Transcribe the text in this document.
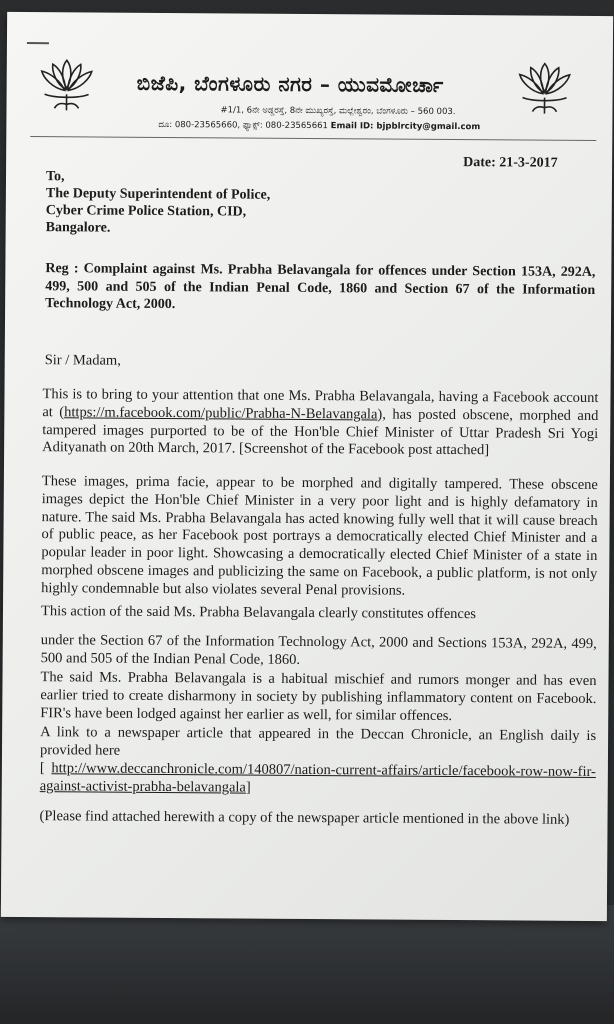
ಬಿಜೆಪಿ, ಬೆಂಗಳೂರು ನಗರ – ಯುವಮೋರ್ಚಾ
#1/1, 6ನೇ ಅಡ್ಡರಸ್ತೆ, 8ನೇ ಮುಖ್ಯರಸ್ತೆ, ಮಲ್ಲೇಶ್ವರಂ, ಬೆಂಗಳೂರು – 560 003.
ದೂ: 080-23565660, ಫ್ಯಾಕ್ಸ್: 080-23565661 Email ID: bjpblrcity@gmail.com
Date: 21-3-2017
To,
The Deputy Superintendent of Police,
Cyber Crime Police Station, CID,
Bangalore.
Reg : Complaint against Ms. Prabha Belavangala for offences under Section 153A, 292A, 499, 500 and 505 of the Indian Penal Code, 1860 and Section 67 of the Information Technology Act, 2000.
Sir / Madam,
This is to bring to your attention that one Ms. Prabha Belavangala, having a Facebook account at (https://m.facebook.com/public/Prabha-N-Belavangala), has posted obscene, morphed and tampered images purported to be of the Hon'ble Chief Minister of Uttar Pradesh Sri Yogi Adityanath on 20th March, 2017. [Screenshot of the Facebook post attached]
These images, prima facie, appear to be morphed and digitally tampered. These obscene images depict the Hon'ble Chief Minister in a very poor light and is highly defamatory in nature. The said Ms. Prabha Belavangala has acted knowing fully well that it will cause breach of public peace, as her Facebook post portrays a democratically elected Chief Minister and a popular leader in poor light. Showcasing a democratically elected Chief Minister of a state in morphed obscene images and publicizing the same on Facebook, a public platform, is not only highly condemnable but also violates several Penal provisions.
This action of the said Ms. Prabha Belavangala clearly constitutes offences
under the Section 67 of the Information Technology Act, 2000 and Sections 153A, 292A, 499, 500 and 505 of the Indian Penal Code, 1860.
The said Ms. Prabha Belavangala is a habitual mischief and rumors monger and has even earlier tried to create disharmony in society by publishing inflammatory content on Facebook. FIR's have been lodged against her earlier as well, for similar offences.
A link to a newspaper article that appeared in the Deccan Chronicle, an English daily is provided here
[ http://www.deccanchronicle.com/140807/nation-current-affairs/article/facebook-row-now-fir-against-activist-prabha-belavangala]
(Please find attached herewith a copy of the newspaper article mentioned in the above link)
